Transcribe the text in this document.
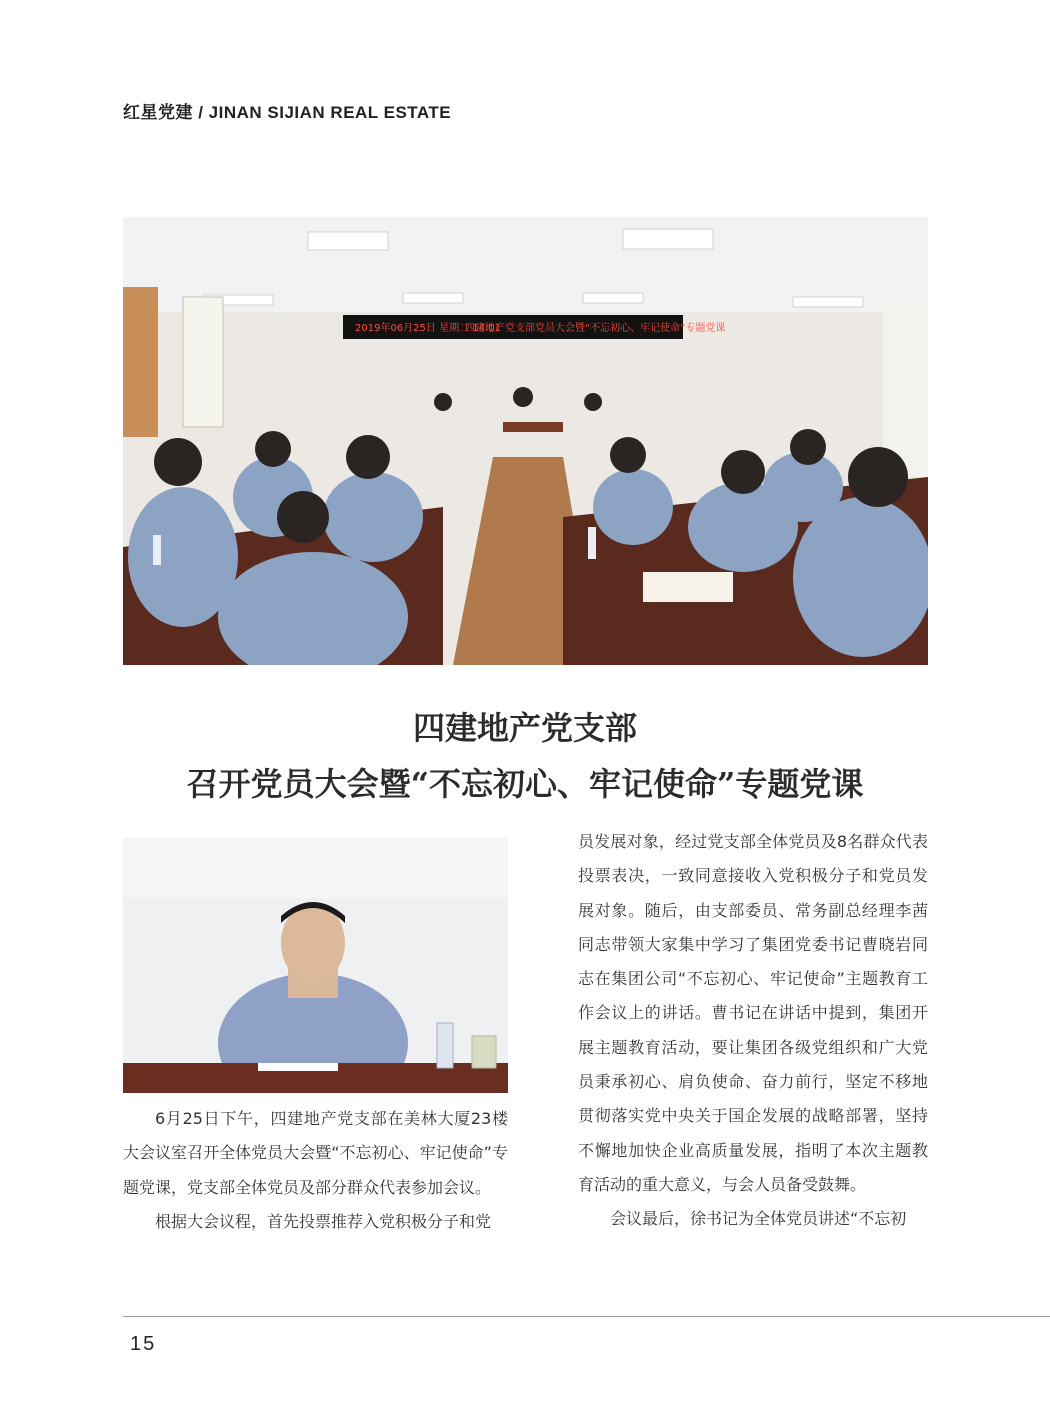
红星党建 / JINAN SIJIAN REAL ESTATE
2019年06月25日 星期二 14:01
四建地产党支部党员大会暨“不忘初心、牢记使命”专题党课
四建地产党支部
召开党员大会暨“不忘初心、牢记使命”专题党课

6月25日下午，四建地产党支部在美林大厦23楼大会议室召开全体党员大会暨“不忘初心、牢记使命”专题党课，党支部全体党员及部分群众代表参加会议。

根据大会议程，首先投票推荐入党积极分子和党

员发展对象，经过党支部全体党员及8名群众代表投票表决，一致同意接收入党积极分子和党员发展对象。随后，由支部委员、常务副总经理李茜同志带领大家集中学习了集团党委书记曹晓岩同志在集团公司“不忘初心、牢记使命”主题教育工作会议上的讲话。曹书记在讲话中提到，集团开展主题教育活动，要让集团各级党组织和广大党员秉承初心、肩负使命、奋力前行，坚定不移地贯彻落实党中央关于国企发展的战略部署，坚持不懈地加快企业高质量发展，指明了本次主题教育活动的重大意义，与会人员备受鼓舞。

会议最后，徐书记为全体党员讲述“不忘初

15
